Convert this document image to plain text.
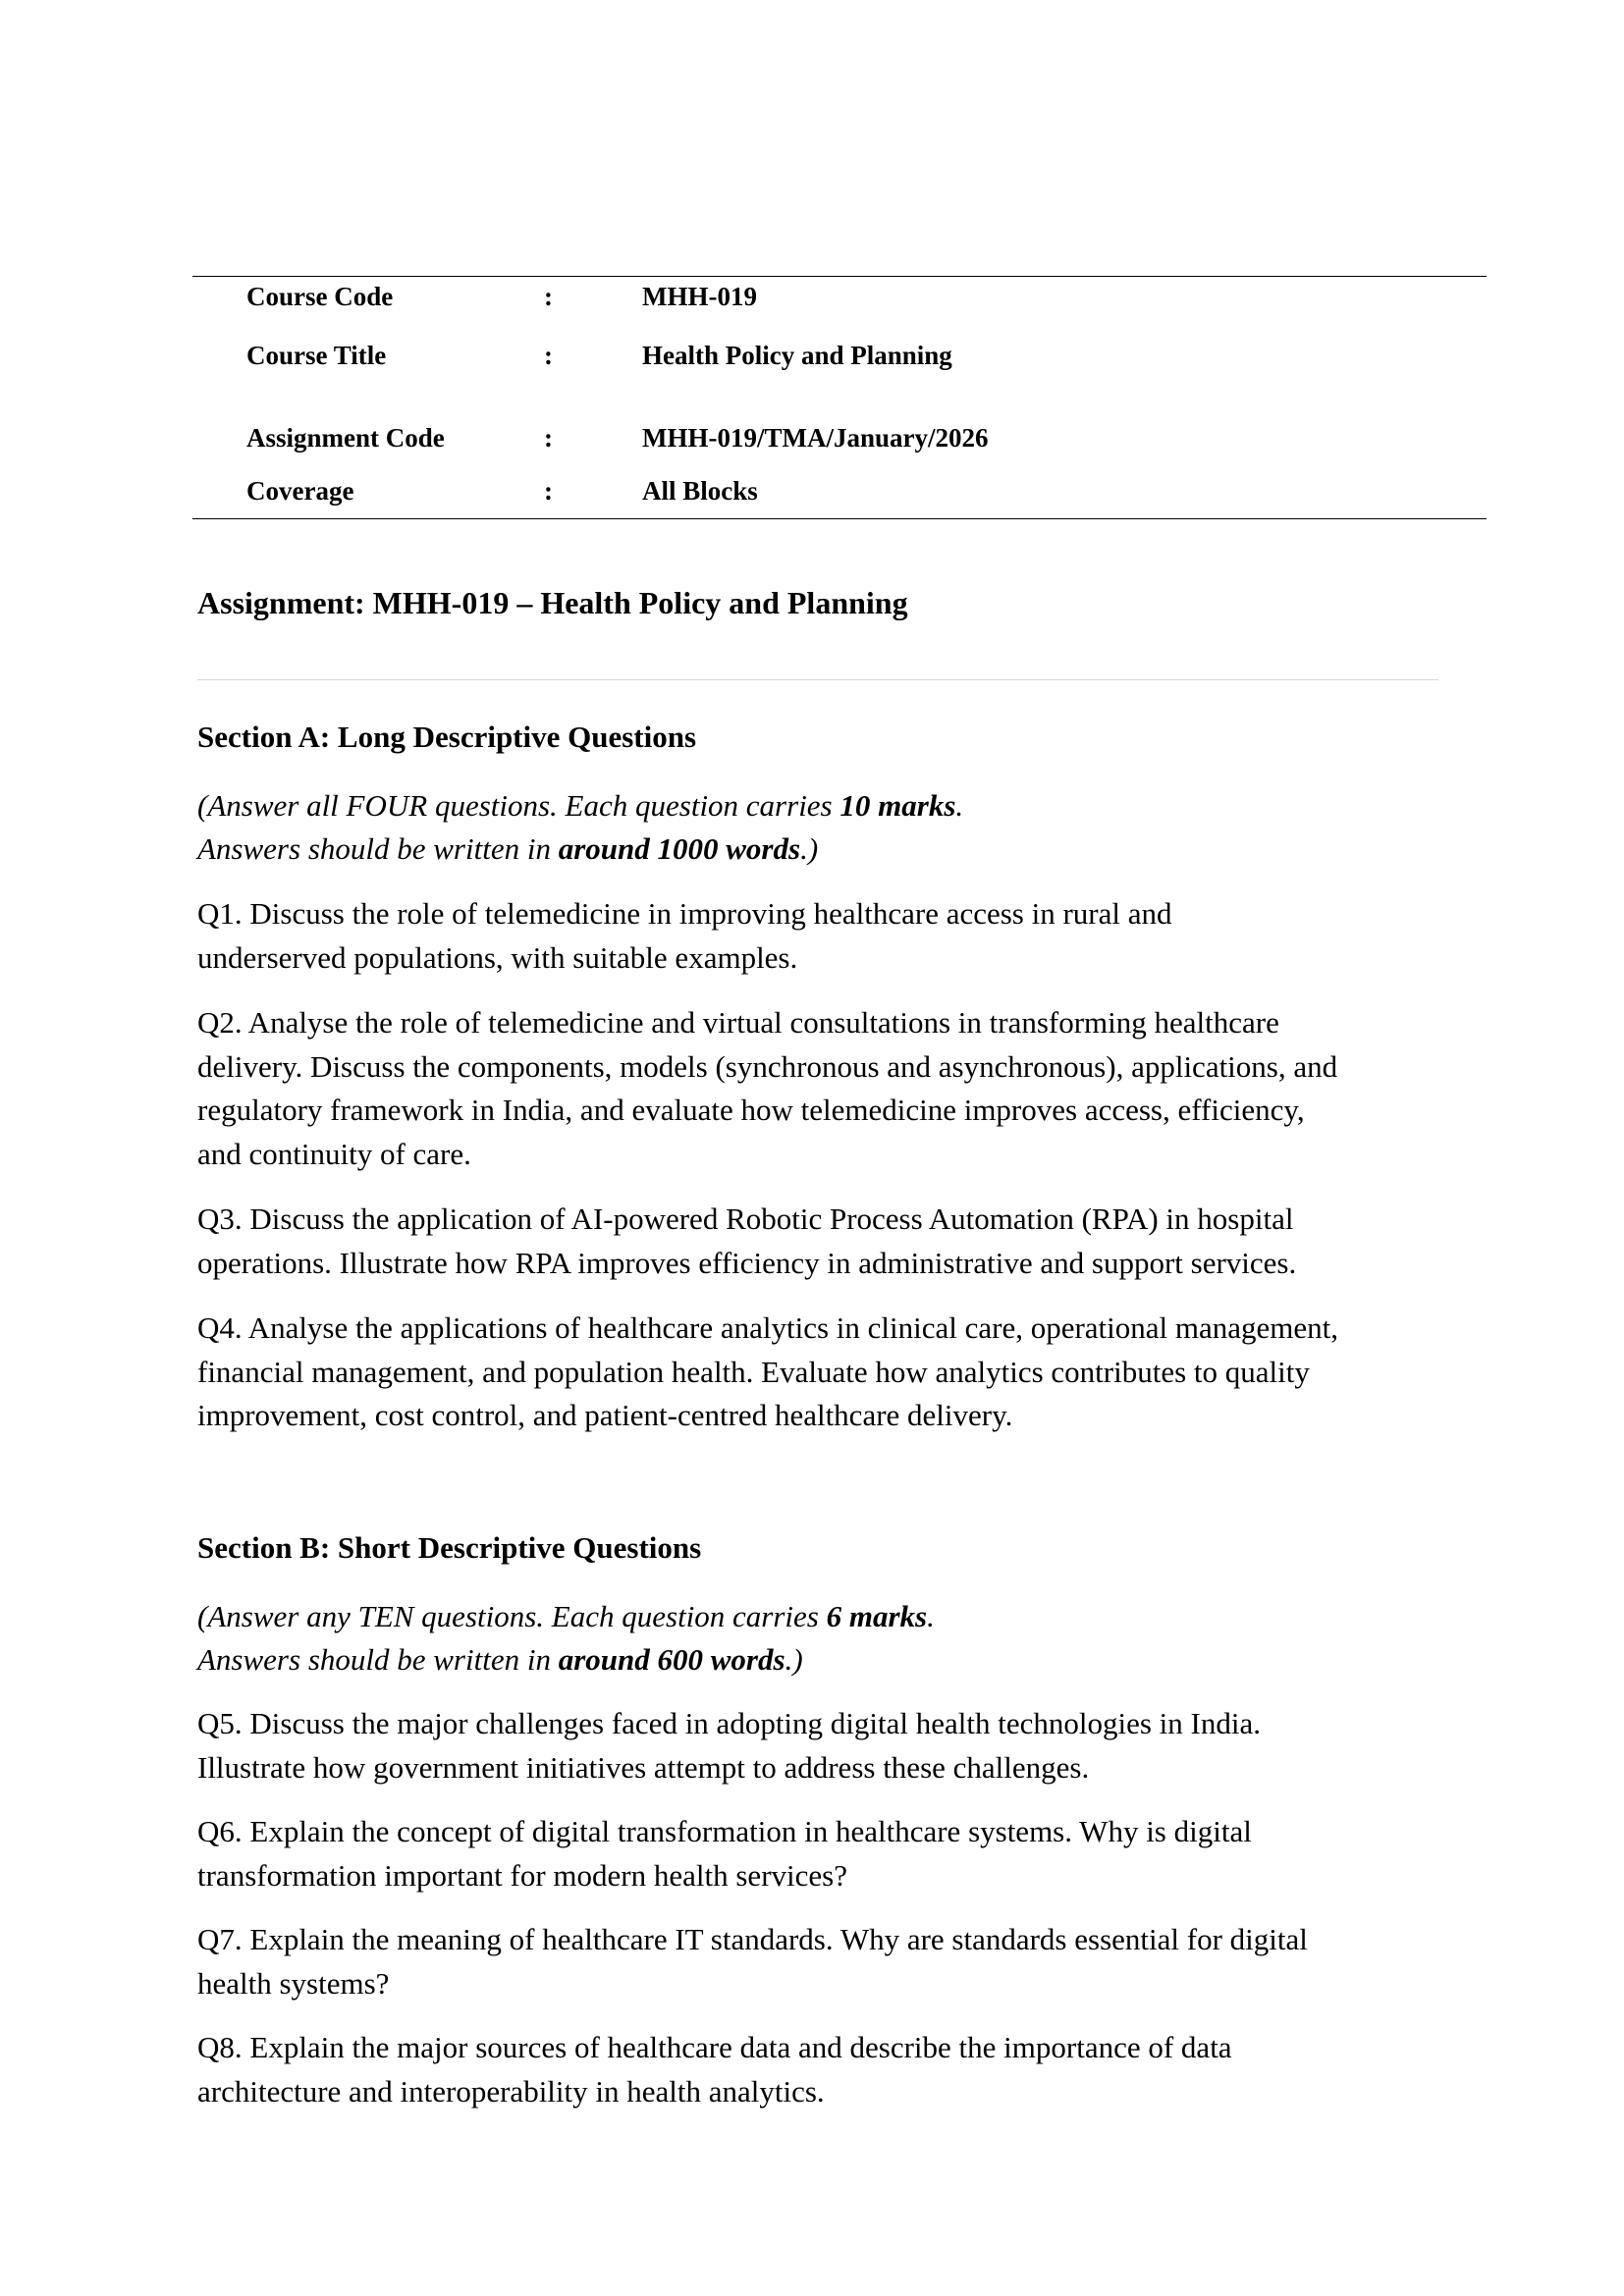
Course Code	:	MHH-019
Course Title	:	Health Policy and Planning
Assignment Code	:	MHH-019/TMA/January/2026
Coverage	:	All Blocks
Assignment: MHH-019 – Health Policy and Planning
Section A: Long Descriptive Questions
(Answer all FOUR questions. Each question carries 10 marks.
Answers should be written in around 1000 words.)
Q1. Discuss the role of telemedicine in improving healthcare access in rural and
underserved populations, with suitable examples.
Q2. Analyse the role of telemedicine and virtual consultations in transforming healthcare
delivery. Discuss the components, models (synchronous and asynchronous), applications, and
regulatory framework in India, and evaluate how telemedicine improves access, efficiency,
and continuity of care.
Q3. Discuss the application of AI-powered Robotic Process Automation (RPA) in hospital
operations. Illustrate how RPA improves efficiency in administrative and support services.
Q4. Analyse the applications of healthcare analytics in clinical care, operational management,
financial management, and population health. Evaluate how analytics contributes to quality
improvement, cost control, and patient-centred healthcare delivery.
Section B: Short Descriptive Questions
(Answer any TEN questions. Each question carries 6 marks.
Answers should be written in around 600 words.)
Q5. Discuss the major challenges faced in adopting digital health technologies in India.
Illustrate how government initiatives attempt to address these challenges.
Q6. Explain the concept of digital transformation in healthcare systems. Why is digital
transformation important for modern health services?
Q7. Explain the meaning of healthcare IT standards. Why are standards essential for digital
health systems?
Q8. Explain the major sources of healthcare data and describe the importance of data
architecture and interoperability in health analytics.
